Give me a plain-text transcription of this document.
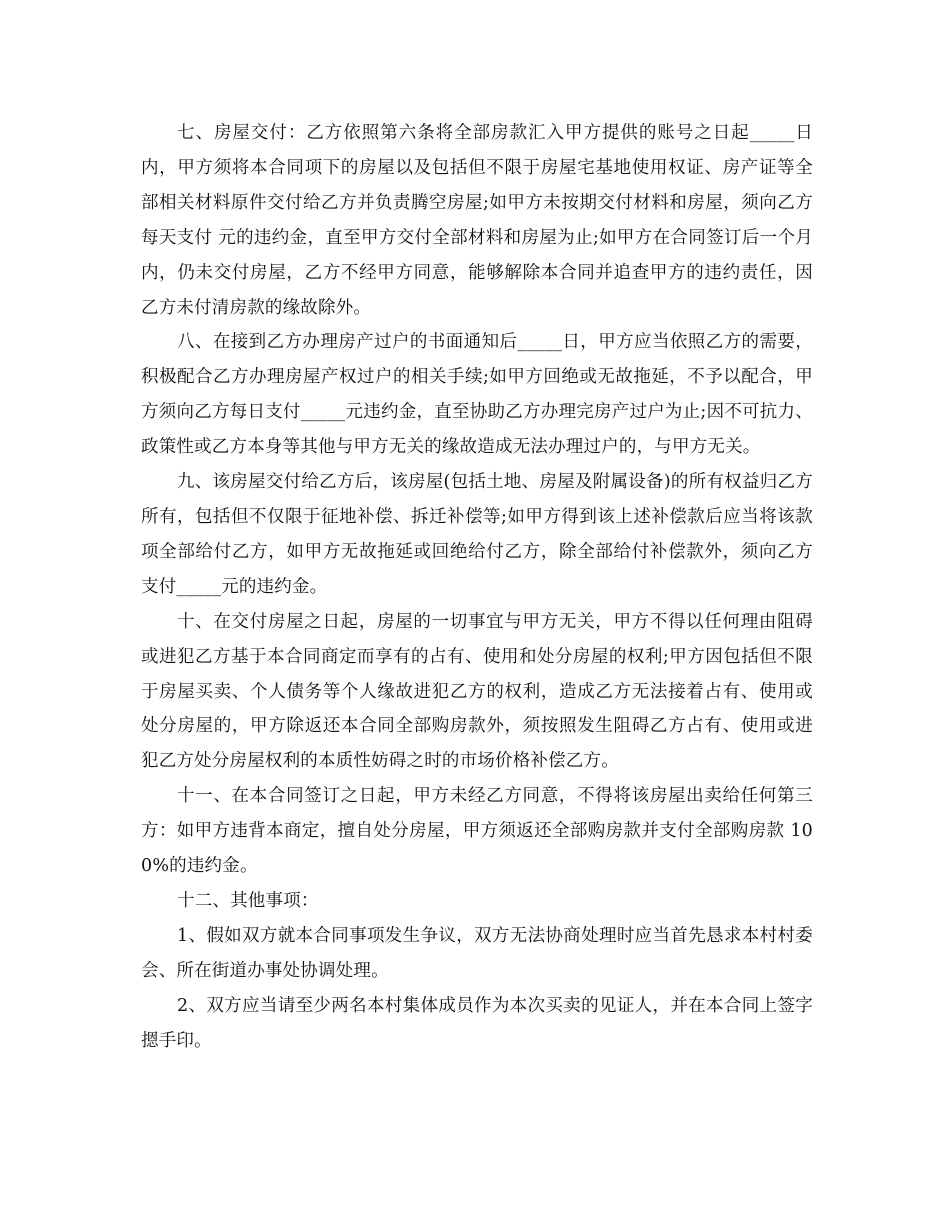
七、房屋交付：乙方依照第六条将全部房款汇入甲方提供的账号之日起_____日内，甲方须将本合同项下的房屋以及包括但不限于房屋宅基地使用权证、房产证等全部相关材料原件交付给乙方并负责腾空房屋;如甲方未按期交付材料和房屋，须向乙方每天支付 元的违约金，直至甲方交付全部材料和房屋为止;如甲方在合同签订后一个月内，仍未交付房屋，乙方不经甲方同意，能够解除本合同并追查甲方的违约责任，因乙方未付清房款的缘故除外。

八、在接到乙方办理房产过户的书面通知后_____日，甲方应当依照乙方的需要，积极配合乙方办理房屋产权过户的相关手续;如甲方回绝或无故拖延，不予以配合，甲方须向乙方每日支付_____元违约金，直至协助乙方办理完房产过户为止;因不可抗力、政策性或乙方本身等其他与甲方无关的缘故造成无法办理过户的，与甲方无关。

九、该房屋交付给乙方后，该房屋(包括土地、房屋及附属设备)的所有权益归乙方所有，包括但不仅限于征地补偿、拆迁补偿等;如甲方得到该上述补偿款后应当将该款项全部给付乙方，如甲方无故拖延或回绝给付乙方，除全部给付补偿款外，须向乙方支付_____元的违约金。

十、在交付房屋之日起，房屋的一切事宜与甲方无关，甲方不得以任何理由阻碍或进犯乙方基于本合同商定而享有的占有、使用和处分房屋的权利;甲方因包括但不限于房屋买卖、个人债务等个人缘故进犯乙方的权利，造成乙方无法接着占有、使用或处分房屋的，甲方除返还本合同全部购房款外，须按照发生阻碍乙方占有、使用或进犯乙方处分房屋权利的本质性妨碍之时的市场价格补偿乙方。

十一、在本合同签订之日起，甲方未经乙方同意，不得将该房屋出卖给任何第三方：如甲方违背本商定，擅自处分房屋，甲方须返还全部购房款并支付全部购房款 100%的违约金。

十二、其他事项：

1、假如双方就本合同事项发生争议，双方无法协商处理时应当首先恳求本村村委会、所在街道办事处协调处理。

2、双方应当请至少两名本村集体成员作为本次买卖的见证人，并在本合同上签字摁手印。
